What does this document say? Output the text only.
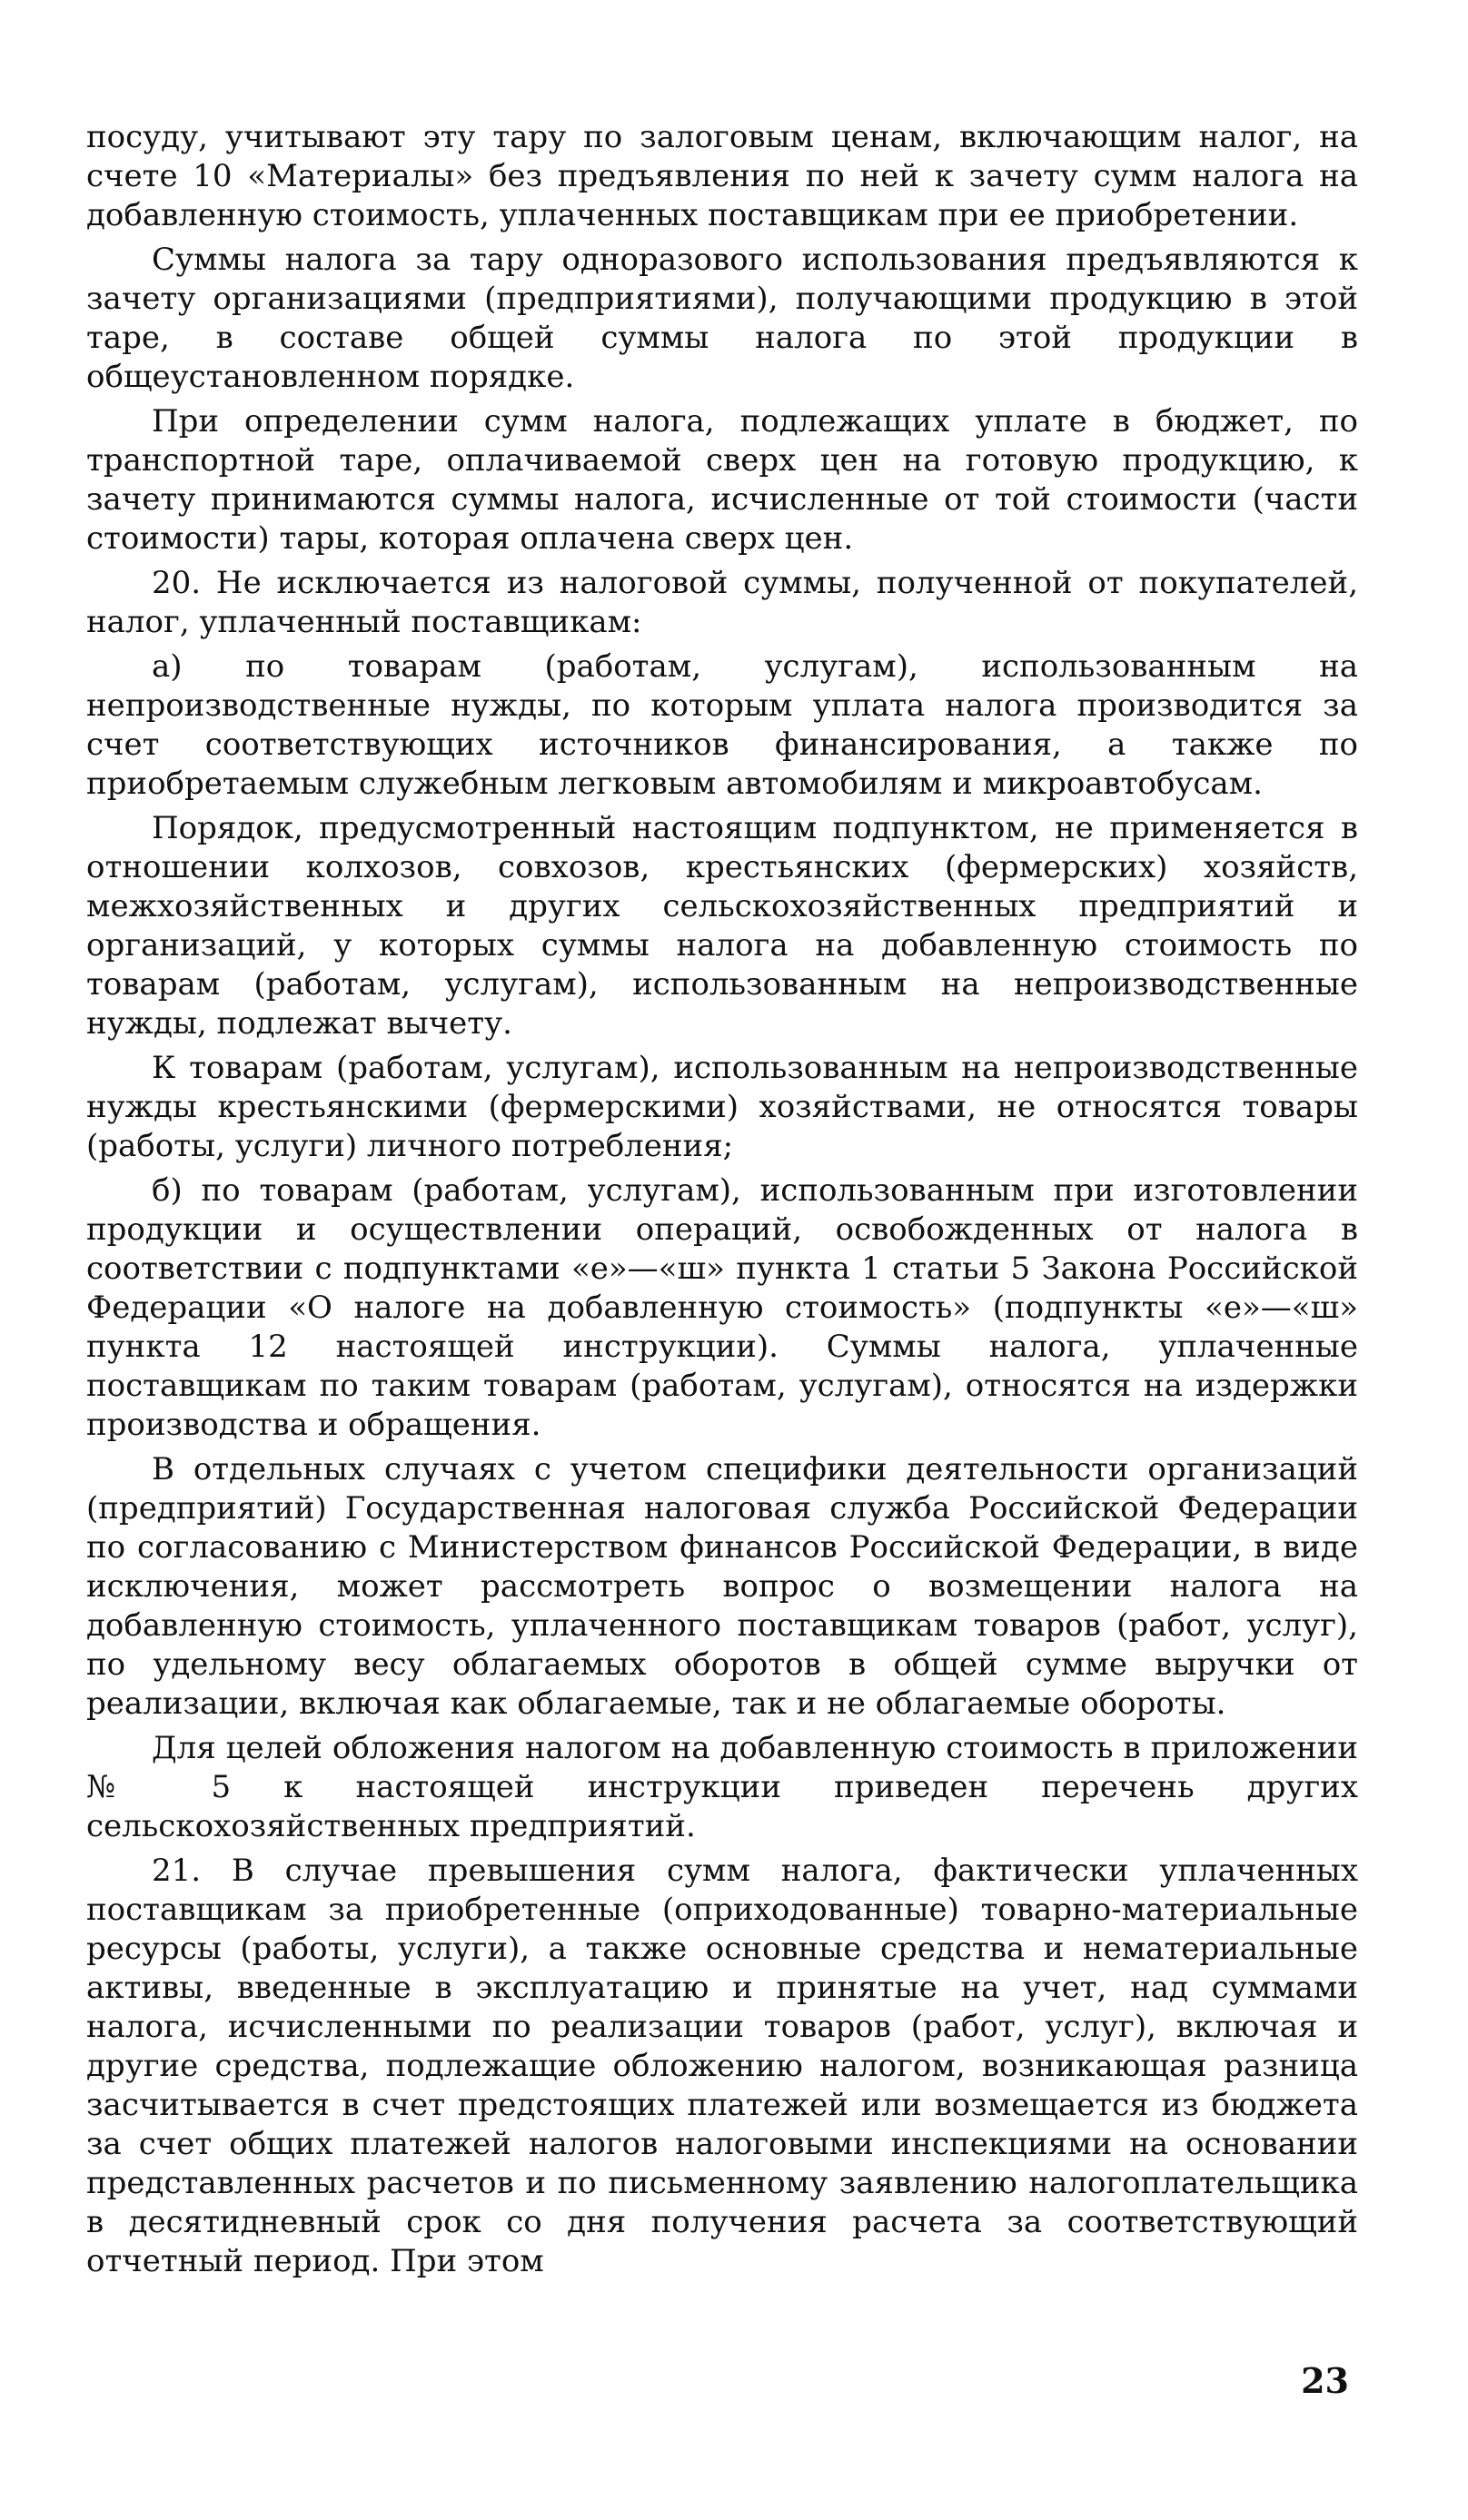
посуду, учитывают эту тару по залоговым ценам, включающим налог, на счете 10 «Материалы» без предъявления по ней к зачету сумм налога на добавленную стоимость, уплаченных поставщикам при ее приобретении.

Суммы налога за тару одноразового использования предъявляются к зачету организациями (предприятиями), получающими продукцию в этой таре, в составе общей суммы налога по этой продукции в общеустановленном порядке.

При определении сумм налога, подлежащих уплате в бюджет, по транспортной таре, оплачиваемой сверх цен на готовую продукцию, к зачету принимаются суммы налога, исчисленные от той стоимости (части стоимости) тары, которая оплачена сверх цен.

20. Не исключается из налоговой суммы, полученной от покупателей, налог, уплаченный поставщикам:

а) по товарам (работам, услугам), использованным на непроизводственные нужды, по которым уплата налога производится за счет соответствующих источников финансирования, а также по приобретаемым служебным легковым автомобилям и микроавтобусам.

Порядок, предусмотренный настоящим подпунктом, не применяется в отношении колхозов, совхозов, крестьянских (фермерских) хозяйств, межхозяйственных и других сельскохозяйственных предприятий и организаций, у которых суммы налога на добавленную стоимость по товарам (работам, услугам), использованным на непроизводственные нужды, подлежат вычету.

К товарам (работам, услугам), использованным на непроизводственные нужды крестьянскими (фермерскими) хозяйствами, не относятся товары (работы, услуги) личного потребления;

б) по товарам (работам, услугам), использованным при изготовлении продукции и осуществлении операций, освобожденных от налога в соответствии с подпунктами «е»—«ш» пункта 1 статьи 5 Закона Российской Федерации «О налоге на добавленную стоимость» (подпункты «е»—«ш» пункта 12 настоящей инструкции). Суммы налога, уплаченные поставщикам по таким товарам (работам, услугам), относятся на издержки производства и обращения.

В отдельных случаях с учетом специфики деятельности организаций (предприятий) Государственная налоговая служба Российской Федерации по согласованию с Министерством финансов Российской Федерации, в виде исключения, может рассмотреть вопрос о возмещении налога на добавленную стоимость, уплаченного поставщикам товаров (работ, услуг), по удельному весу облагаемых оборотов в общей сумме выручки от реализации, включая как облагаемые, так и не облагаемые обороты.

Для целей обложения налогом на добавленную стоимость в приложении № 5 к настоящей инструкции приведен перечень других сельскохозяйственных предприятий.

21. В случае превышения сумм налога, фактически уплаченных поставщикам за приобретенные (оприходованные) товарно-материальные ресурсы (работы, услуги), а также основные средства и нематериальные активы, введенные в эксплуатацию и принятые на учет, над суммами налога, исчисленными по реализации товаров (работ, услуг), включая и другие средства, подлежащие обложению налогом, возникающая разница засчитывается в счет предстоящих платежей или возмещается из бюджета за счет общих платежей налогов налоговыми инспекциями на основании представленных расчетов и по письменному заявлению налогоплательщика в десятидневный срок со дня получения расчета за соответствующий отчетный период. При этом

23
